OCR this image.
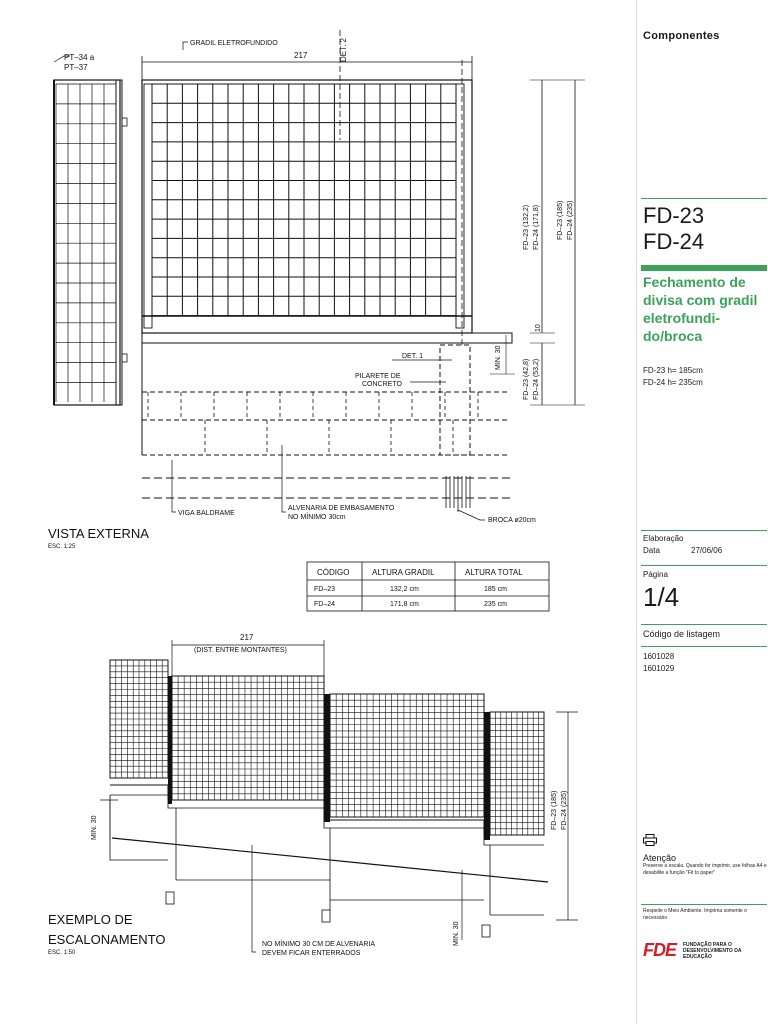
PT–34 a
PT–37
GRADIL ELETROFUNDIDO
217	DET. 2
DET. 1
PILARETE DE
CONCRETO
MIN. 30
10
FD–23 (132,2) FD–24 (171,8) FD–23 (185) FD–24 (235)
FD–23 (42,8) FD–24 (53,2)
VIGA BALDRAME
ALVENARIA DE EMBASAMENTO
NO MÍNIMO 30cm	BROCA ø20cm
VISTA EXTERNA
ESC. 1:25
CÓDIGO	ALTURA GRADIL	ALTURA TOTAL
FD–23	132,2 cm	185 cm
FD–24	171,8 cm	235 cm
217
(DIST. ENTRE MONTANTES)
MIN. 30
MIN. 30
FD–23 (185) FD–24 (235)
NO MÍNIMO 30 CM DE ALVENARIA
DEVEM FICAR ENTERRADOS
EXEMPLO DE
ESCALONAMENTO
ESC. 1:50
Componentes
FD-23
FD-24
Fechamento de divisa com gradil eletrofundi-do/broca
FD-23 h= 185cm
FD-24 h= 235cm
Elaboração
Data	27/06/06
Página
1/4
Código de listagem
1601028
1601029
Atenção
Preserve a escala. Quando for imprimir, use folhas A4 e desabilite a função "Fit to paper"
Respeite o Meio Ambiente. Imprima somente o necessário
FDE FUNDAÇÃO PARA O DESENVOLVIMENTO DA EDUCAÇÃO
